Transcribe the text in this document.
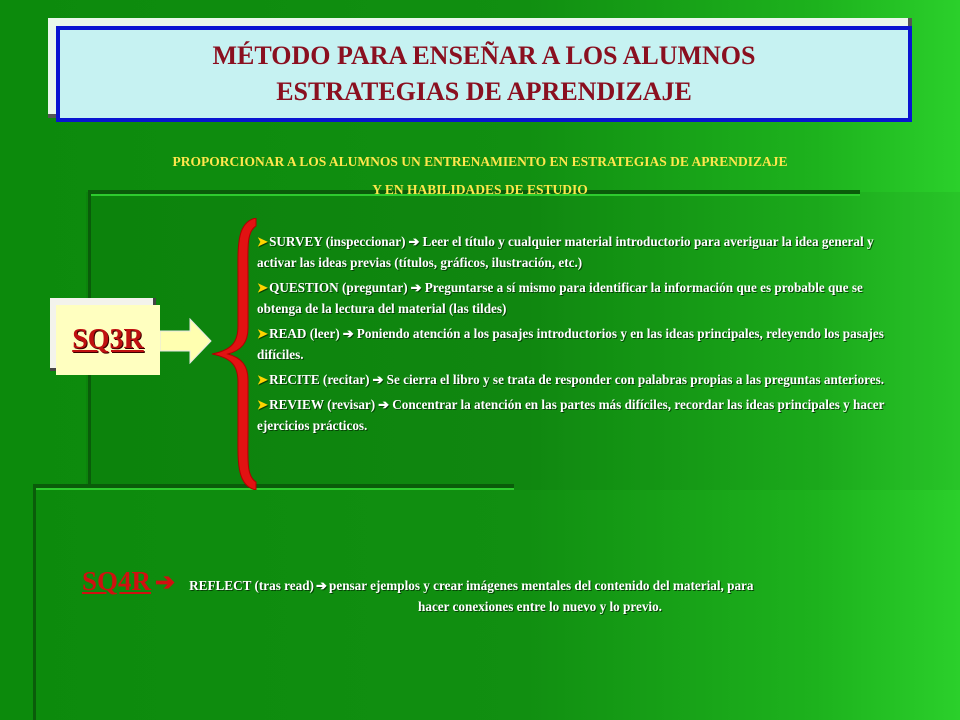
MÉTODO PARA ENSEÑAR A LOS ALUMNOS
ESTRATEGIAS DE APRENDIZAJE
PROPORCIONAR A LOS ALUMNOS UN ENTRENAMIENTO EN ESTRATEGIAS DE APRENDIZAJE
Y EN HABILIDADES DE ESTUDIO
SQ3R
➤SURVEY (inspeccionar) ➔ Leer el título y cualquier material introductorio para averiguar la idea general y activar las ideas previas (títulos, gráficos, ilustración, etc.)
➤QUESTION (preguntar) ➔ Preguntarse a sí mismo para identificar la información que es probable que se obtenga de la lectura del material (las tildes)
➤READ (leer) ➔ Poniendo atención a los pasajes introductorios y en las ideas principales, releyendo los pasajes difíciles.
➤RECITE (recitar) ➔ Se cierra el libro y se trata de responder con palabras propias a las preguntas anteriores.
➤REVIEW (revisar) ➔ Concentrar la atención en las partes más difíciles, recordar las ideas principales y hacer ejercicios prácticos.
SQ4R ➔ REFLECT (tras read) ➔ pensar ejemplos y crear imágenes mentales del contenido del material, para
hacer conexiones entre lo nuevo y lo previo.
